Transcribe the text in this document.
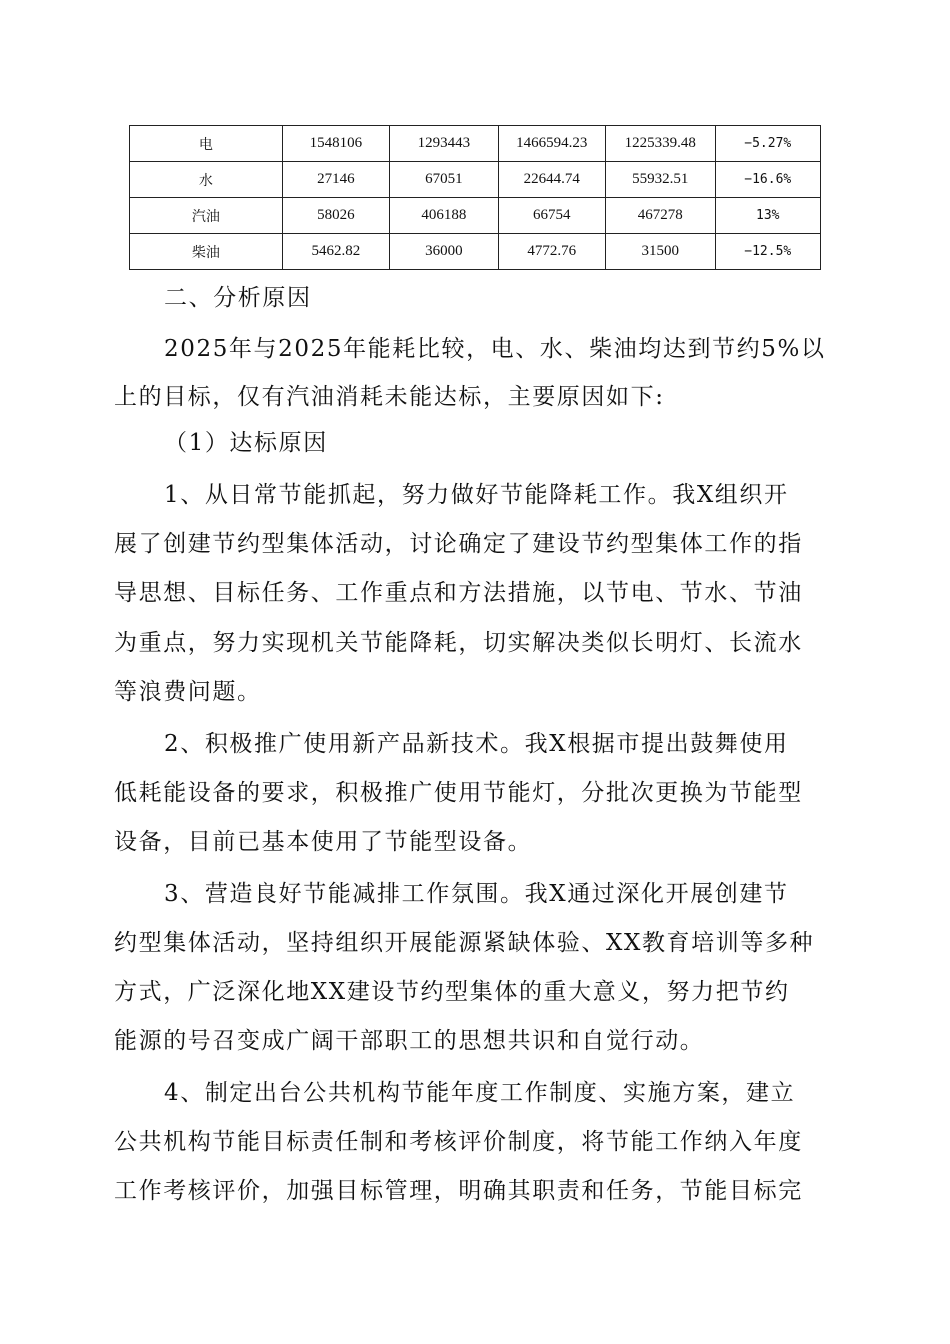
电	1548106	1293443	1466594.23	1225339.48	−5.27%
水	27146	67051	22644.74	55932.51	−16.6%
汽油	58026	406188	66754	467278	13%
柴油	5462.82	36000	4772.76	31500	−12.5%
二、分析原因
2025年与2025年能耗比较，电、水、柴油均达到节约5%以
上的目标，仅有汽油消耗未能达标，主要原因如下:
（1）达标原因
1、从日常节能抓起，努力做好节能降耗工作。我X组织开
展了创建节约型集体活动，讨论确定了建设节约型集体工作的指
导思想、目标任务、工作重点和方法措施，以节电、节水、节油
为重点，努力实现机关节能降耗，切实解决类似长明灯、长流水
等浪费问题。
2、积极推广使用新产品新技术。我X根据市提出鼓舞使用
低耗能设备的要求，积极推广使用节能灯，分批次更换为节能型
设备，目前已基本使用了节能型设备。
3、营造良好节能减排工作氛围。我X通过深化开展创建节
约型集体活动，坚持组织开展能源紧缺体验、XX教育培训等多种
方式，广泛深化地XX建设节约型集体的重大意义，努力把节约
能源的号召变成广阔干部职工的思想共识和自觉行动。
4、制定出台公共机构节能年度工作制度、实施方案，建立
公共机构节能目标责任制和考核评价制度，将节能工作纳入年度
工作考核评价，加强目标管理，明确其职责和任务，节能目标完
